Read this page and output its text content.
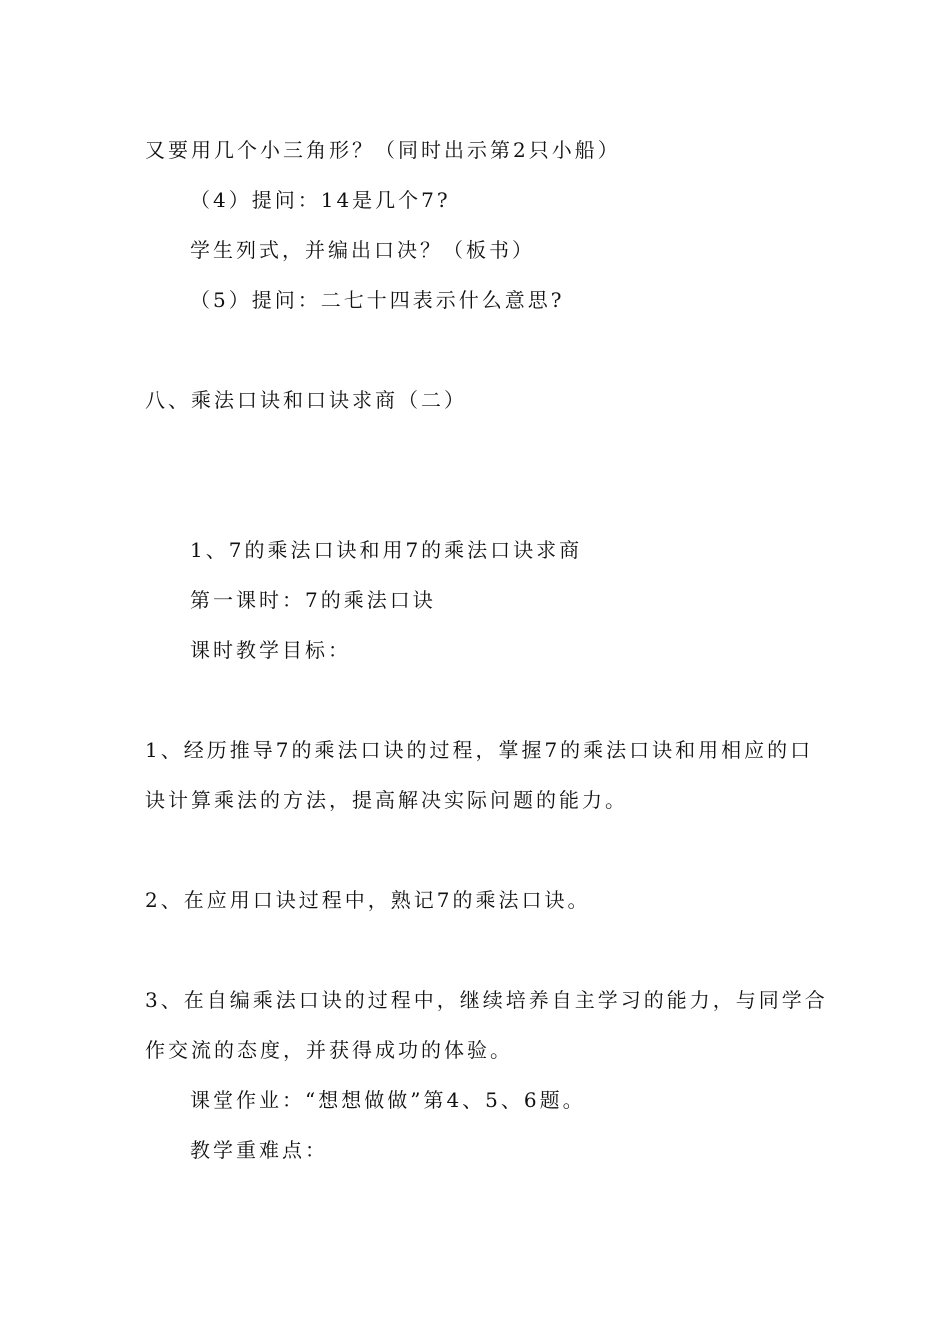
又要用几个小三角形？（同时出示第2只小船）
（4）提问：14是几个7?
学生列式，并编出口决？（板书）
（5）提问：二七十四表示什么意思?
八、乘法口诀和口诀求商（二）
1、7的乘法口诀和用7的乘法口诀求商
第一课时：7的乘法口诀
课时教学目标：
1、经历推导7的乘法口诀的过程，掌握7的乘法口诀和用相应的口
诀计算乘法的方法，提高解决实际问题的能力。
2、在应用口诀过程中，熟记7的乘法口诀。
3、在自编乘法口诀的过程中，继续培养自主学习的能力，与同学合
作交流的态度，并获得成功的体验。
课堂作业：“想想做做”第4、5、6题。
教学重难点：
